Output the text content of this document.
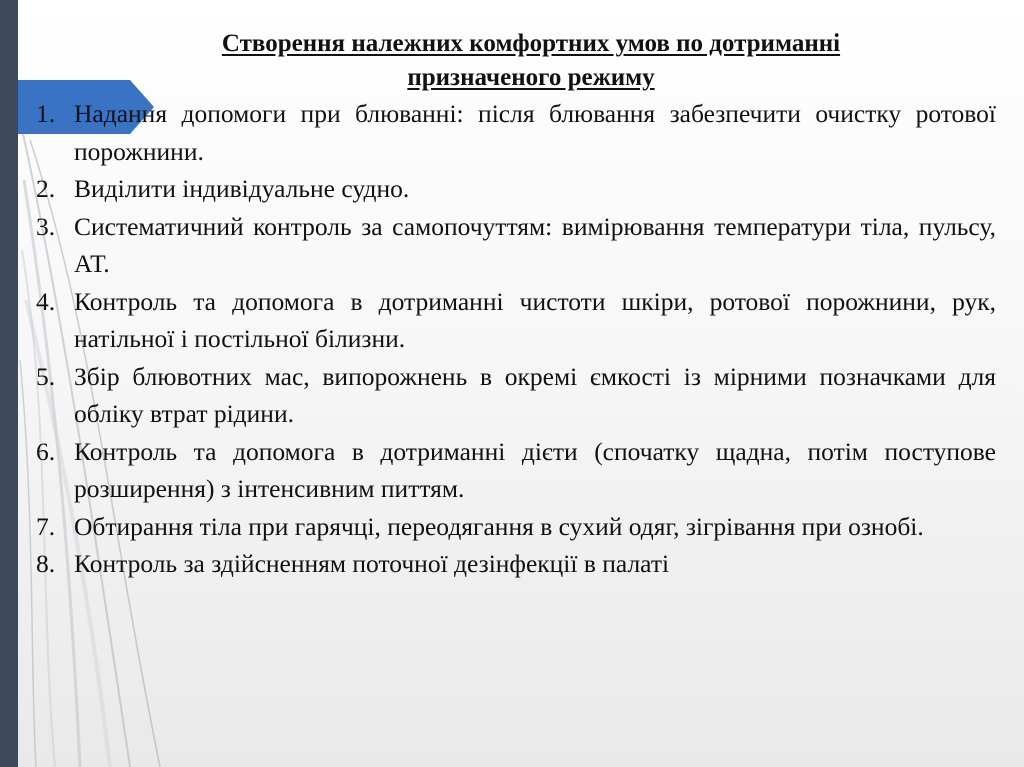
Створення належних комфортних умов по дотриманні
призначеного режиму
1. Надання допомоги при блюванні: після блювання забезпечити очистку ротової порожнини.
2. Виділити індивідуальне судно.
3. Систематичний контроль за самопочуттям: вимірювання температури тіла, пульсу, АТ.
4. Контроль та допомога в дотриманні чистоти шкіри, ротової порожнини, рук, натільної і постільної білизни.
5. Збір блювотних мас, випорожнень в окремі ємкості із мірними позначками для обліку втрат рідини.
6. Контроль та допомога в дотриманні дієти (спочатку щадна, потім поступове розширення) з інтенсивним питтям.
7. Обтирання тіла при гарячці, переодягання в сухий одяг, зігрівання при ознобі.
8. Контроль за здійсненням поточної дезінфекції в палаті
